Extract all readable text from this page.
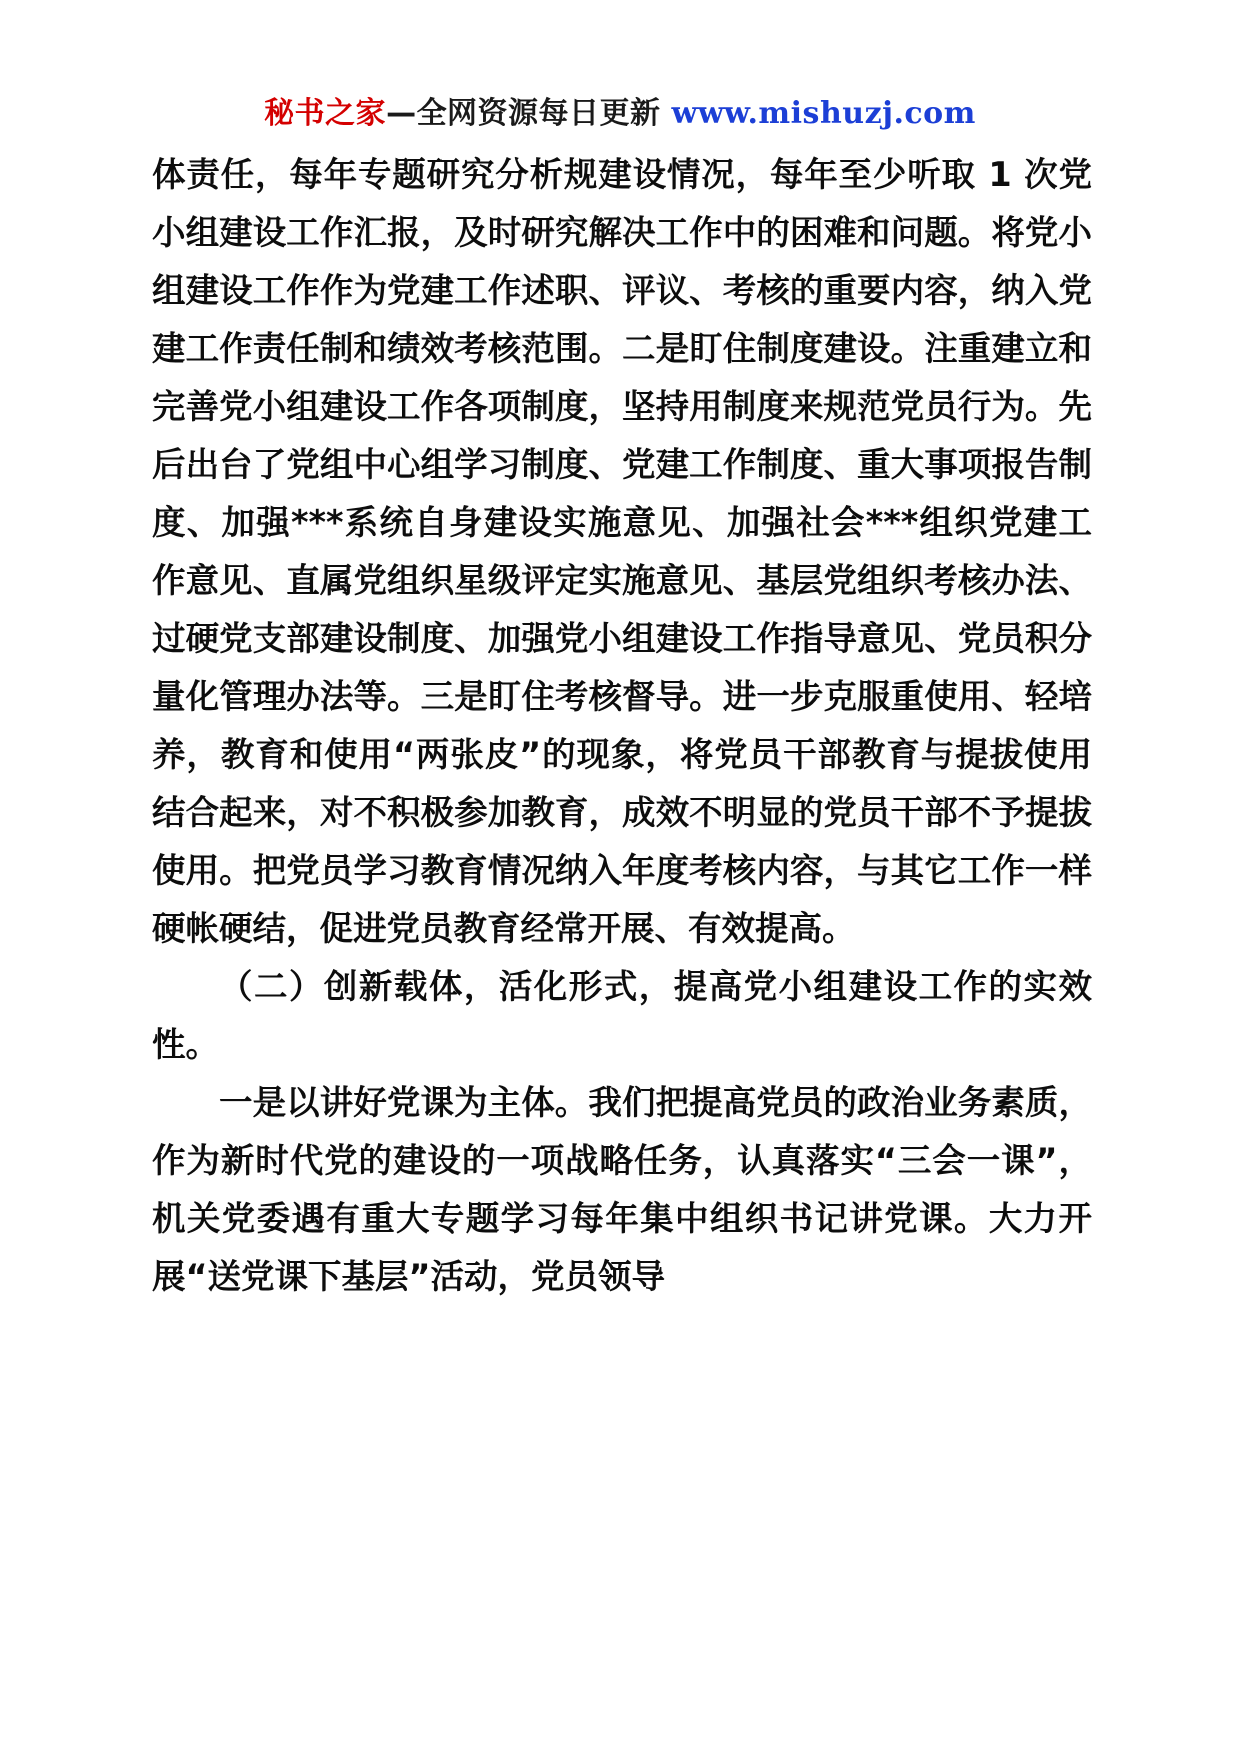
秘书之家—全网资源每日更新 www.mishuzj.com

体责任，每年专题研究分析规建设情况，每年至少听取 1 次党小组建设工作汇报，及时研究解决工作中的困难和问题。将党小组建设工作作为党建工作述职、评议、考核的重要内容，纳入党建工作责任制和绩效考核范围。二是盯住制度建设。注重建立和完善党小组建设工作各项制度，坚持用制度来规范党员行为。先后出台了党组中心组学习制度、党建工作制度、重大事项报告制度、加强***系统自身建设实施意见、加强社会***组织党建工作意见、直属党组织星级评定实施意见、基层党组织考核办法、过硬党支部建设制度、加强党小组建设工作指导意见、党员积分量化管理办法等。三是盯住考核督导。进一步克服重使用、轻培养，教育和使用“两张皮”的现象，将党员干部教育与提拔使用结合起来，对不积极参加教育，成效不明显的党员干部不予提拔使用。把党员学习教育情况纳入年度考核内容，与其它工作一样硬帐硬结，促进党员教育经常开展、有效提高。

（二）创新载体，活化形式，提高党小组建设工作的实效性。

一是以讲好党课为主体。我们把提高党员的政治业务素质，作为新时代党的建设的一项战略任务，认真落实“三会一课”，机关党委遇有重大专题学习每年集中组织书记讲党课。大力开展“送党课下基层”活动，党员领导
